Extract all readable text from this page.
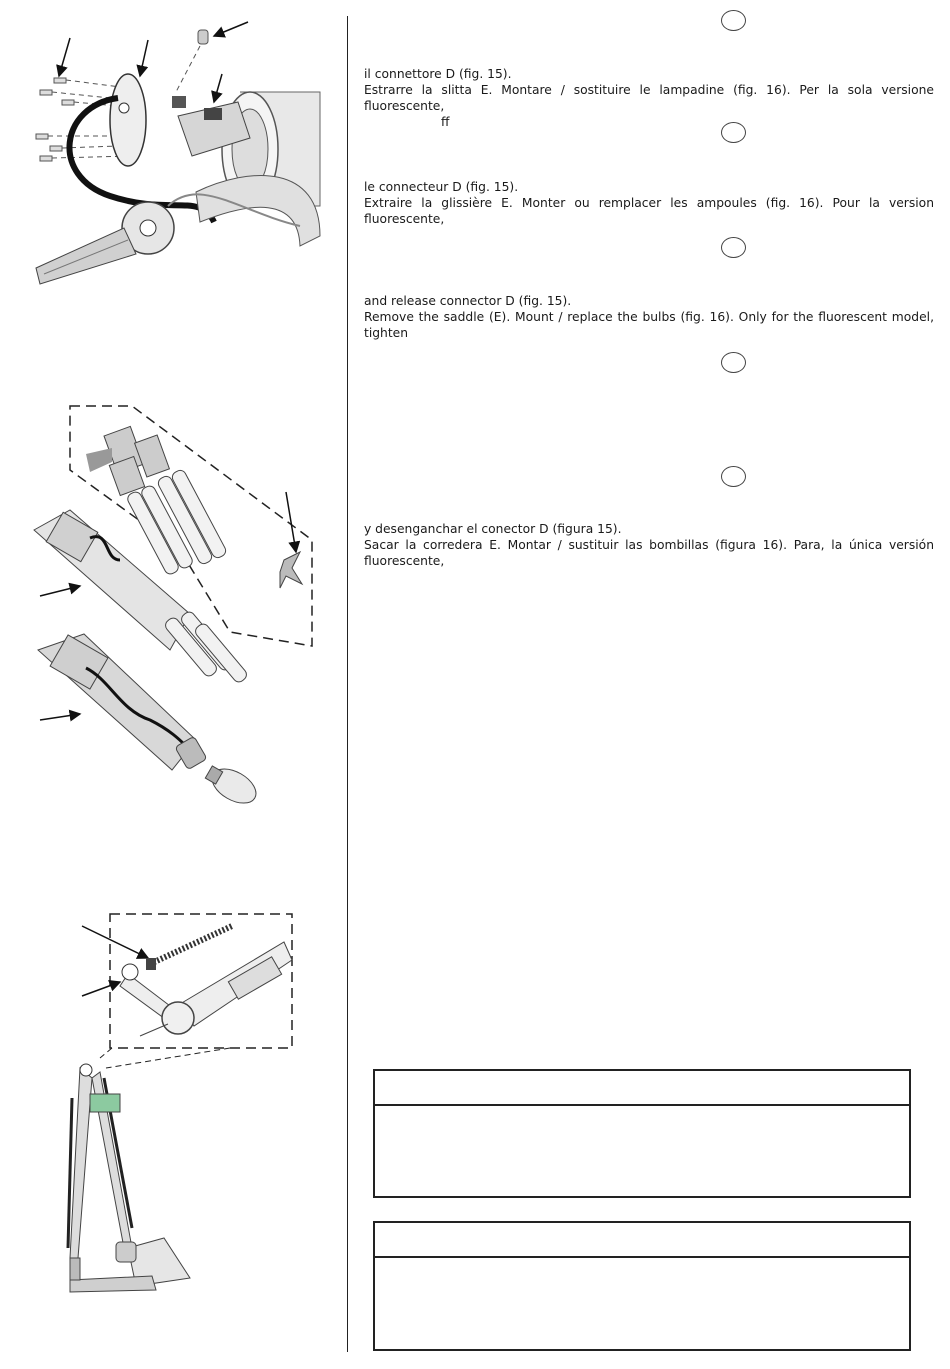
il connettore D (fig. 15).
Estrarre la slitta E. Montare / sostituire le lampadine (fig. 16). Per la sola versione fluorescente,
ff
le connecteur D (fig. 15).
Extraire la glissière E. Monter ou remplacer les ampoules (fig. 16). Pour la version fluorescente,
and release connector D (fig. 15).
Remove the saddle (E). Mount / replace the bulbs (fig. 16). Only for the fluorescent model, tighten
y desenganchar el conector D (figura 15).
Sacar la corredera E. Montar / sustituir las bombillas (figura 16). Para, la única versión fluorescente,
